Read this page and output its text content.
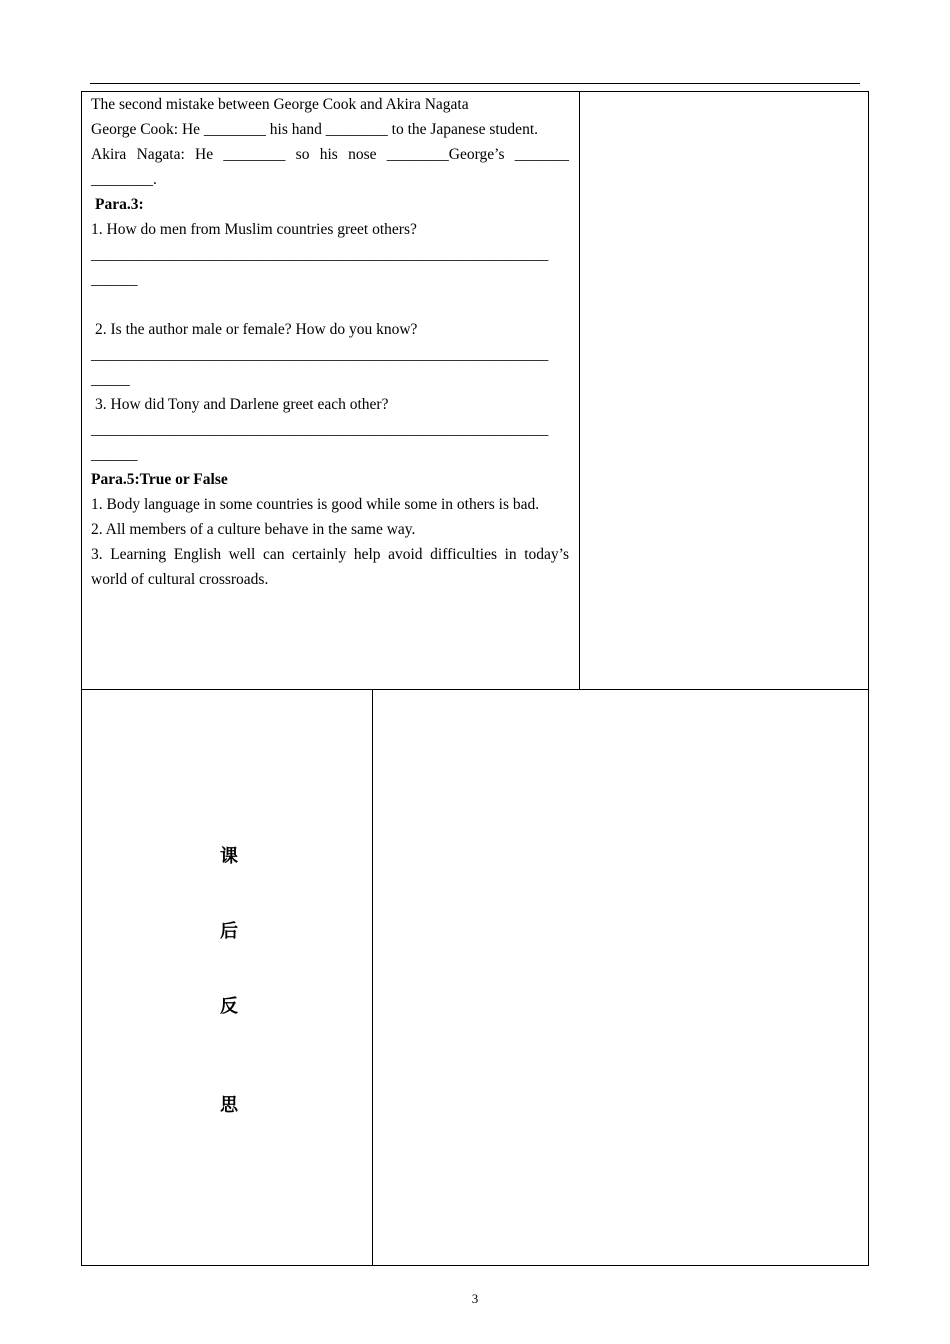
The second mistake between George Cook and Akira Nagata

George Cook: He ________ his hand ________ to the Japanese student.

Akira Nagata: He ________ so his nose ________George’s _______ ________.

Para.3:

1. How do men from Muslim countries greet others?

___________________________________________________________

______

2. Is the author male or female? How do you know?

___________________________________________________________

_____

3. How did Tony and Darlene greet each other?

___________________________________________________________

______

Para.5:True or False

1. Body language in some countries is good while some in others is bad.

2. All members of a culture behave in the same way.

3. Learning English well can certainly help avoid difficulties in today’s world of cultural crossroads.

课
后
反
思
3
